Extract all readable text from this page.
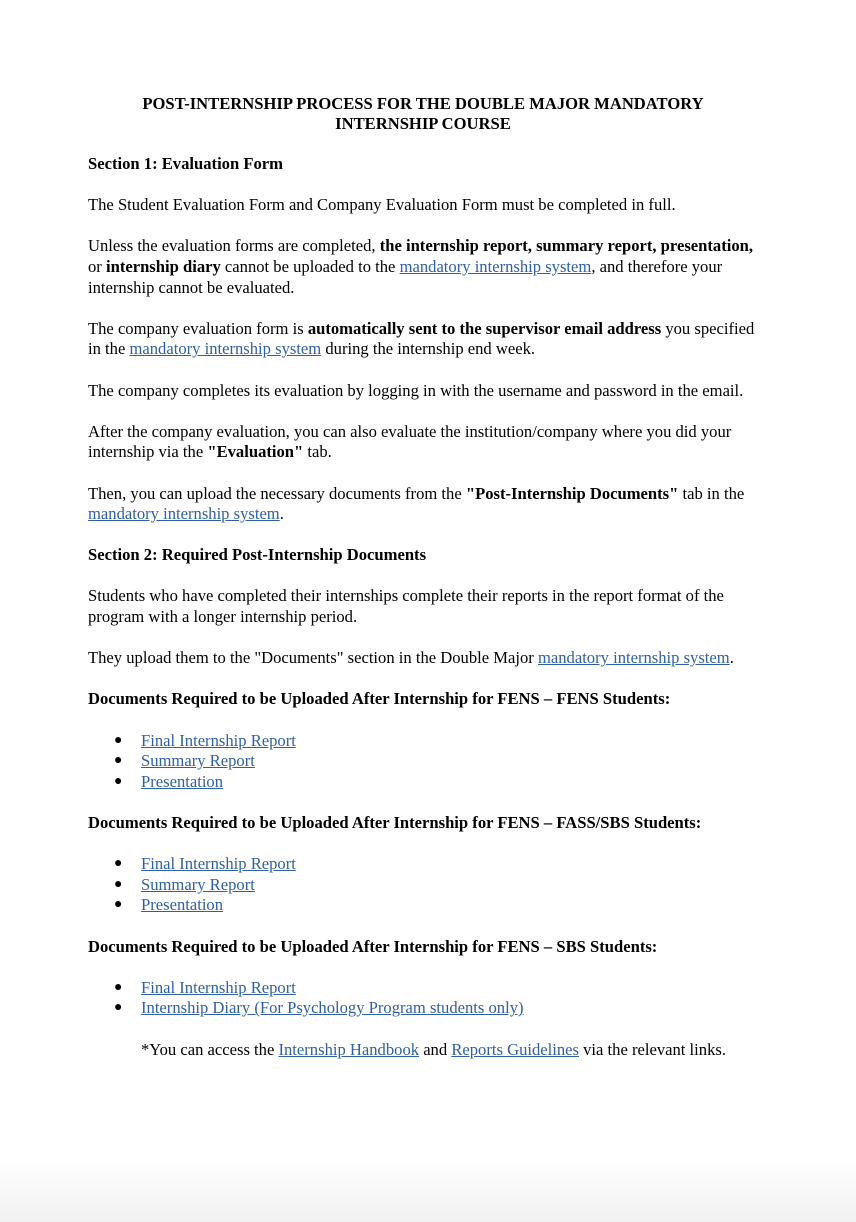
POST-INTERNSHIP PROCESS FOR THE DOUBLE MAJOR MANDATORY
INTERNSHIP COURSE
Section 1: Evaluation Form

The Student Evaluation Form and Company Evaluation Form must be completed in full.

Unless the evaluation forms are completed, the internship report, summary report, presentation, or internship diary cannot be uploaded to the mandatory internship system, and therefore your internship cannot be evaluated.

The company evaluation form is automatically sent to the supervisor email address you specified in the mandatory internship system during the internship end week.

The company completes its evaluation by logging in with the username and password in the email.

After the company evaluation, you can also evaluate the institution/company where you did your internship via the "Evaluation" tab.

Then, you can upload the necessary documents from the "Post-Internship Documents" tab in the mandatory internship system.

Section 2: Required Post-Internship Documents

Students who have completed their internships complete their reports in the report format of the program with a longer internship period.

They upload them to the "Documents" section in the Double Major mandatory internship system.

Documents Required to be Uploaded After Internship for FENS – FENS Students:
● Final Internship Report
● Summary Report
● Presentation
Documents Required to be Uploaded After Internship for FENS – FASS/SBS Students:
● Final Internship Report
● Summary Report
● Presentation
Documents Required to be Uploaded After Internship for FENS – SBS Students:
● Final Internship Report
● Internship Diary (For Psychology Program students only)

*You can access the Internship Handbook and Reports Guidelines via the relevant links.
